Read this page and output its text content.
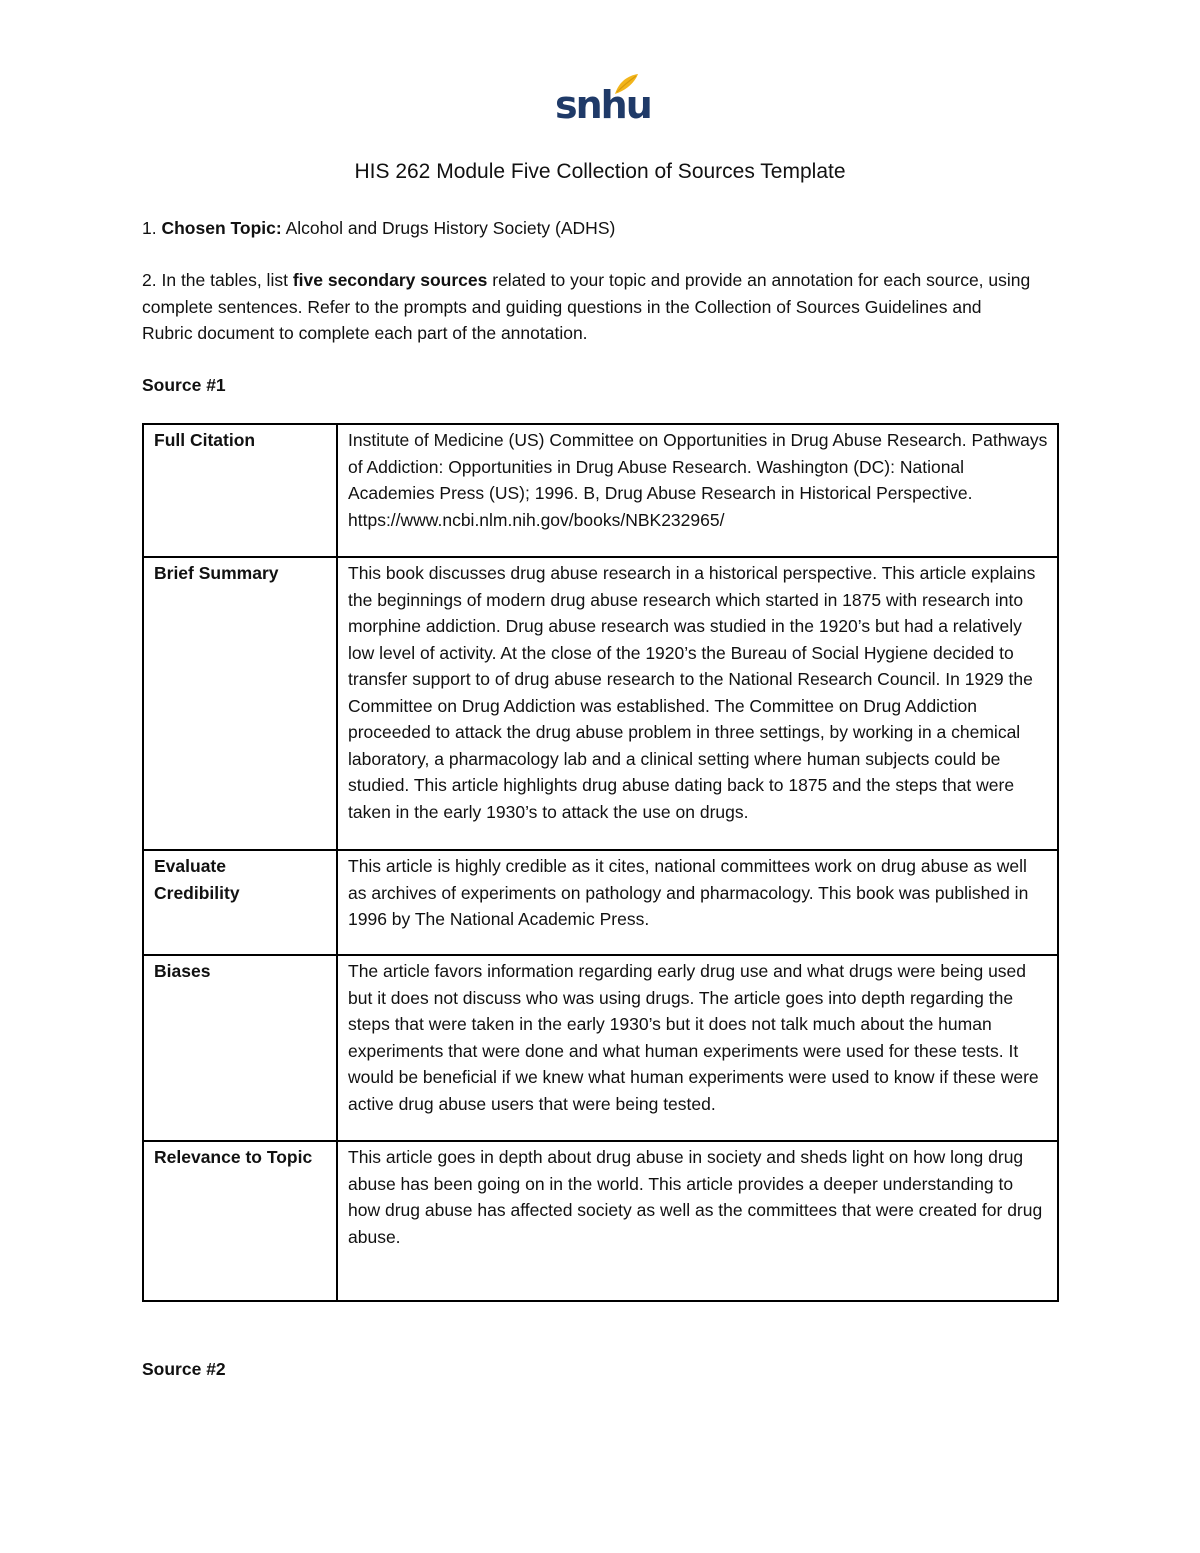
snhu
HIS 262 Module Five Collection of Sources Template
1. Chosen Topic: Alcohol and Drugs History Society (ADHS)
2. In the tables, list five secondary sources related to your topic and provide an annotation for each source, using complete sentences. Refer to the prompts and guiding questions in the Collection of Sources Guidelines and Rubric document to complete each part of the annotation.
Source #1
Full Citation	Institute of Medicine (US) Committee on Opportunities in Drug Abuse Research. Pathways of Addiction: Opportunities in Drug Abuse Research. Washington (DC): National Academies Press (US); 1996. B, Drug Abuse Research in Historical Perspective.
https://www.ncbi.nlm.nih.gov/books/NBK232965/

Brief Summary	This book discusses drug abuse research in a historical perspective. This article explains the beginnings of modern drug abuse research which started in 1875 with research into morphine addiction. Drug abuse research was studied in the 1920’s but had a relatively low level of activity. At the close of the 1920’s the Bureau of Social Hygiene decided to transfer support to of drug abuse research to the National Research Council. In 1929 the Committee on Drug Addiction was established. The Committee on Drug Addiction proceeded to attack the drug abuse problem in three settings, by working in a chemical laboratory, a pharmacology lab and a clinical setting where human subjects could be studied. This article highlights drug abuse dating back to 1875 and the steps that were taken in the early 1930’s to attack the use on drugs.
Evaluate Credibility	This article is highly credible as it cites, national committees work on drug abuse as well as archives of experiments on pathology and pharmacology. This book was published in 1996 by The National Academic Press.
Biases	The article favors information regarding early drug use and what drugs were being used but it does not discuss who was using drugs. The article goes into depth regarding the steps that were taken in the early 1930’s but it does not talk much about the human experiments that were done and what human experiments were used for these tests. It would be beneficial if we knew what human experiments were used to know if these were active drug abuse users that were being tested.
Relevance to Topic	This article goes in depth about drug abuse in society and sheds light on how long drug abuse has been going on in the world. This article provides a deeper understanding to how drug abuse has affected society as well as the committees that were created for drug abuse.
Source #2
